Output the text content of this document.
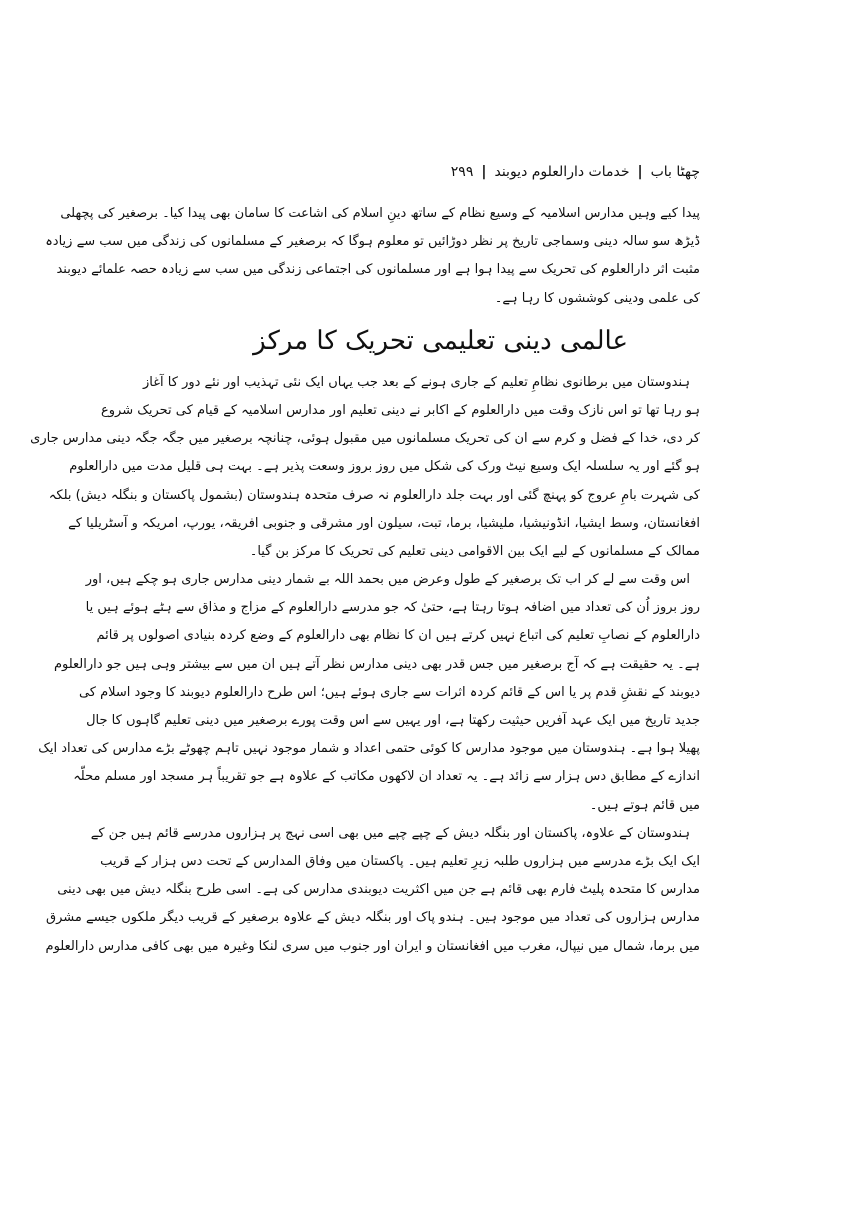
چھٹا باب|خدمات دارالعلوم دیوبند|۲۹۹
پیدا کیے وہیں مدارس اسلامیہ کے وسیع نظام کے ساتھ دینِ اسلام کی اشاعت کا سامان بھی پیدا کیا۔ برصغیر کی پچھلی
ڈیڑھ سو سالہ دینی وسماجی تاریخ پر نظر دوڑائیں تو معلوم ہوگا کہ برصغیر کے مسلمانوں کی زندگی میں سب سے زیادہ
مثبت اثر دارالعلوم کی تحریک سے پیدا ہوا ہے اور مسلمانوں کی اجتماعی زندگی میں سب سے زیادہ حصہ علمائے دیوبند
کی علمی ودینی کوششوں کا رہا ہے۔
عالمی دینی تعلیمی تحریک کا مرکز
ہندوستان میں برطانوی نظامِ تعلیم کے جاری ہونے کے بعد جب یہاں ایک نئی تہذیب اور نئے دور کا آغاز
ہو رہا تھا تو اس نازک وقت میں دارالعلوم کے اکابر نے دینی تعلیم اور مدارس اسلامیہ کے قیام کی تحریک شروع
کر دی، خدا کے فضل و کرم سے ان کی تحریک مسلمانوں میں مقبول ہوئی، چنانچہ برصغیر میں جگہ جگہ دینی مدارس جاری
ہو گئے اور یہ سلسلہ ایک وسیع نیٹ ورک کی شکل میں روز بروز وسعت پذیر ہے۔ بہت ہی قلیل مدت میں دارالعلوم
کی شہرت بامِ عروج کو پہنچ گئی اور بہت جلد دارالعلوم نہ صرف متحدہ ہندوستان (بشمول پاکستان و بنگلہ دیش) بلکہ
افغانستان، وسط ایشیا، انڈونیشیا، ملیشیا، برما، تبت، سیلون اور مشرقی و جنوبی افریقہ، یورپ، امریکہ و آسٹریلیا کے
ممالک کے مسلمانوں کے لیے ایک بین الاقوامی دینی تعلیم کی تحریک کا مرکز بن گیا۔
اس وقت سے لے کر اب تک برصغیر کے طول وعرض میں بحمد اللہ بے شمار دینی مدارس جاری ہو چکے ہیں، اور
روز بروز اُن کی تعداد میں اضافہ ہوتا رہتا ہے، حتیٰ کہ جو مدرسے دارالعلوم کے مزاج و مذاق سے ہٹے ہوئے ہیں یا
دارالعلوم کے نصابِ تعلیم کی اتباع نہیں کرتے ہیں ان کا نظام بھی دارالعلوم کے وضع کردہ بنیادی اصولوں پر قائم
ہے۔ یہ حقیقت ہے کہ آج برصغیر میں جس قدر بھی دینی مدارس نظر آتے ہیں ان میں سے بیشتر وہی ہیں جو دارالعلوم
دیوبند کے نقشِ قدم پر یا اس کے قائم کردہ اثرات سے جاری ہوئے ہیں؛ اس طرح دارالعلوم دیوبند کا وجود اسلام کی
جدید تاریخ میں ایک عہد آفریں حیثیت رکھتا ہے، اور یہیں سے اس وقت پورے برصغیر میں دینی تعلیم گاہوں کا جال
پھیلا ہوا ہے۔ ہندوستان میں موجود مدارس کا کوئی حتمی اعداد و شمار موجود نہیں تاہم چھوٹے بڑے مدارس کی تعداد ایک
اندازے کے مطابق دس ہزار سے زائد ہے۔ یہ تعداد ان لاکھوں مکاتب کے علاوہ ہے جو تقریباً ہر مسجد اور مسلم محلّہ
میں قائم ہوتے ہیں۔
ہندوستان کے علاوہ، پاکستان اور بنگلہ دیش کے چپے چپے میں بھی اسی نہج پر ہزاروں مدرسے قائم ہیں جن کے
ایک ایک بڑے مدرسے میں ہزاروں طلبہ زیرِ تعلیم ہیں۔ پاکستان میں وفاق المدارس کے تحت دس ہزار کے قریب
مدارس کا متحدہ پلیٹ فارم بھی قائم ہے جن میں اکثریت دیوبندی مدارس کی ہے۔ اسی طرح بنگلہ دیش میں بھی دینی
مدارس ہزاروں کی تعداد میں موجود ہیں۔ ہندو پاک اور بنگلہ دیش کے علاوہ برصغیر کے قریب دیگر ملکوں جیسے مشرق
میں برما، شمال میں نیپال، مغرب میں افغانستان و ایران اور جنوب میں سری لنکا وغیرہ میں بھی کافی مدارس دارالعلوم
